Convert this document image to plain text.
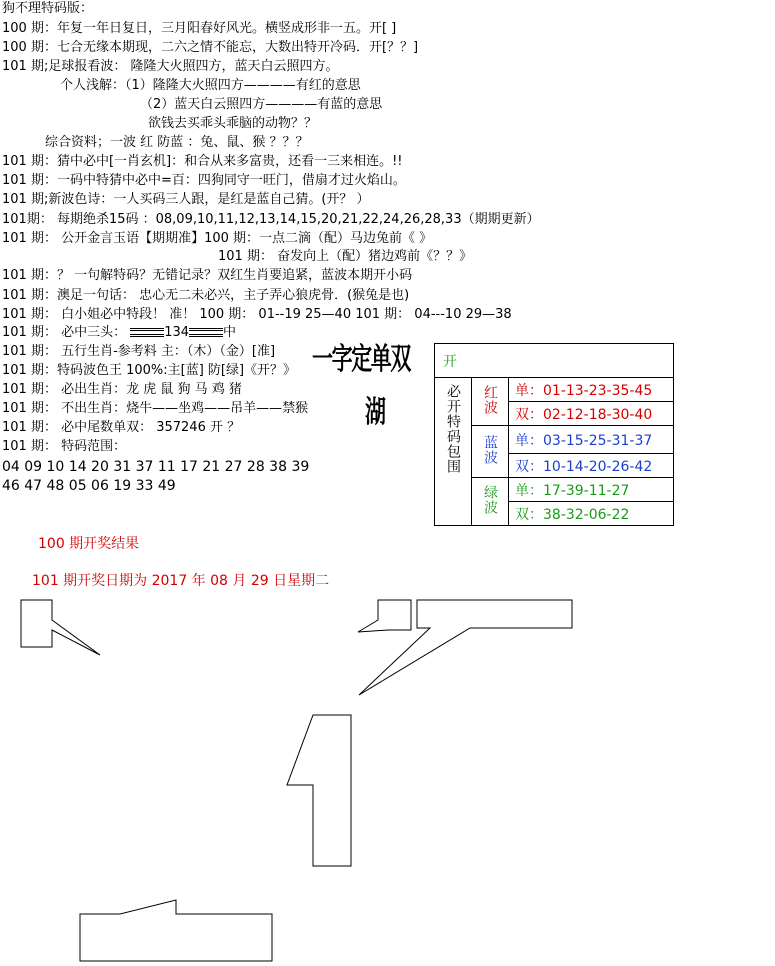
狗不理特码版：
100 期：年复一年日复日，三月阳春好风光。横竖成形非一五。开[ ]
100 期：七合无缘本期现，二六之情不能忘，大数出特开冷码．开[？？]
101 期;足球报看波： 隆隆大火照四方，蓝天白云照四方。
个人浅解：（1）隆隆大火照四方————有红的意思
（2）蓝天白云照四方————有蓝的意思
欲钱去买乖头乖脑的动物？？
综合资料；一波 红 防蓝 ：兔、鼠、猴 ？？？
101 期：猜中必中[一肖玄机]：和合从来多富贵，还看一三来相连。!!
101 期：一码中特猜中必中=百：四狗同守一旺门，借扇才过火焰山。
101 期;新波色诗：一人买码三人跟，是红是蓝自己猜。(开？ ）
101期： 每期绝杀15码 ：08,09,10,11,12,13,14,15,20,21,22,24,26,28,33（期期更新）
101 期： 公开金言玉语【期期准】100 期：一点二滴（配）马边兔前《 》
101 期： 奋发向上（配）猪边鸡前《？？》
101 期：？ 一句解特码？无错记录？双红生肖要追紧，蓝波本期开小码
101 期：澳足一句话： 忠心无二未必兴，主子弄心狼虎骨．(猴兔是也)
101 期： 白小姐必中特段！ 准！ 100 期： 01--19 25—40 101 期： 04---10 29—38
101 期： 必中三头：	134	中
101 期： 五行生肖-参考料 主：（木）（金）[准]
101 期：特码波色王 100%:主[蓝] 防[绿]《开？》
101 期： 必出生肖：龙 虎 鼠 狗 马 鸡 猪
101 期： 不出生肖：烧牛——坐鸡——吊羊——禁猴
101 期： 必中尾数单双： 357246 开 ？
101 期： 特码范围：
04 09 10 14 20 31 37 11 17 21 27 28 38 39
46 47 48 05 06 19 33 49
一字定单双
湖
开		
必开特码包围	红波	单：01-13-23-35-45
		双：02-12-18-30-40
	蓝波	单：03-15-25-31-37
		双：10-14-20-26-42
	绿波	单：17-39-11-27
		双：38-32-06-22
100 期开奖结果
101 期开奖日期为 2017 年 08 月 29 日星期二
